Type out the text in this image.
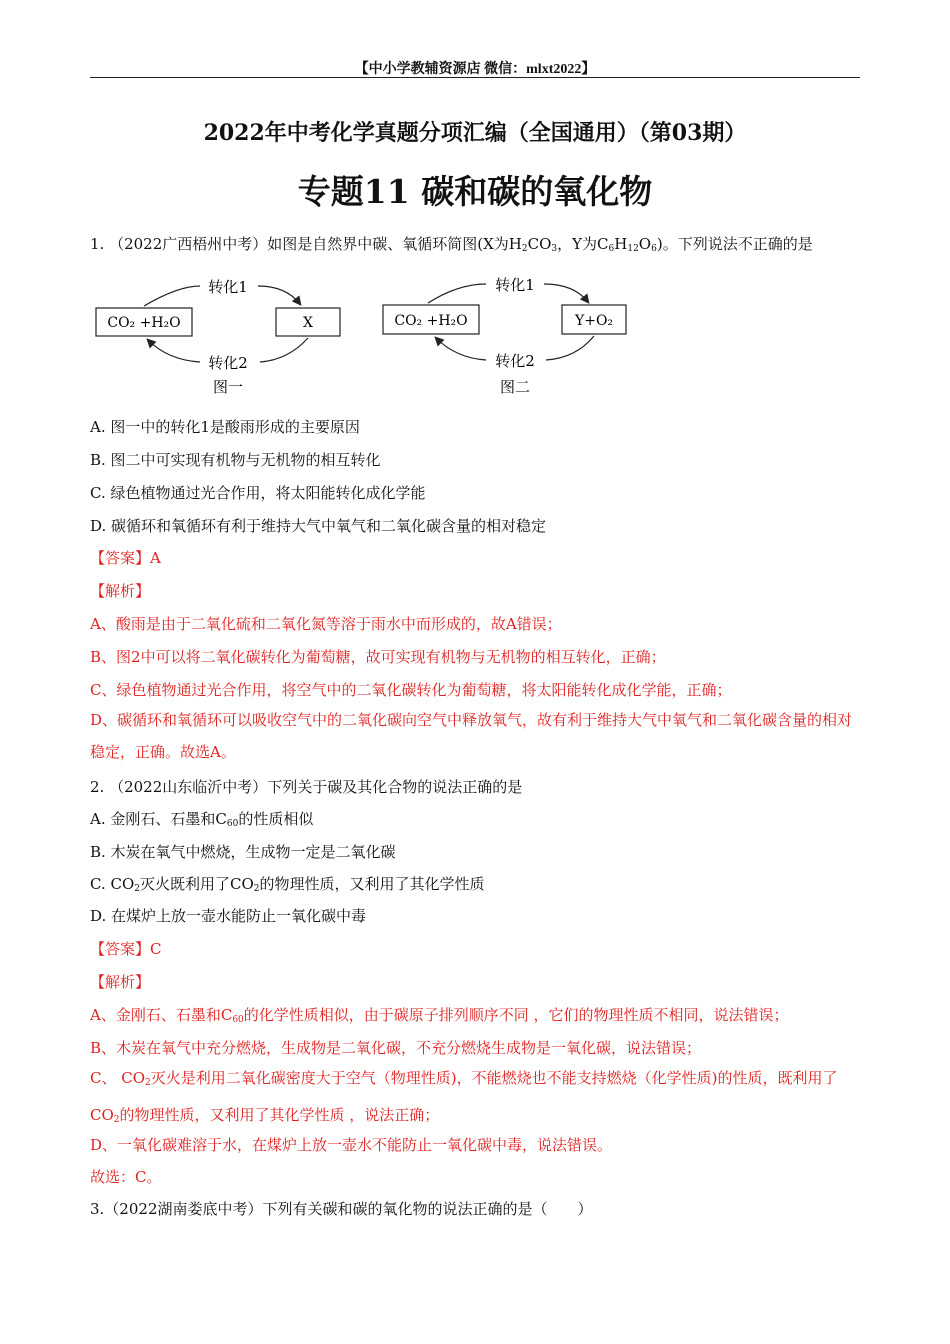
【中小学教辅资源店 微信：mlxt2022】
2022年中考化学真题分项汇编（全国通用）（第03期）
专题11 碳和碳的氧化物
1. （2022广西梧州中考）如图是自然界中碳、氧循环简图(X为$H_2CO_3$，Y为$C_6H_{12}O_6$)。下列说法不正确的是
CO₂ +H₂O	X
转化1
转化2
图一
CO₂ +H₂O	Y+O₂
转化1
转化2
图二
A. 图一中的转化1是酸雨形成的主要原因
B. 图二中可实现有机物与无机物的相互转化
C. 绿色植物通过光合作用，将太阳能转化成化学能
D. 碳循环和氧循环有利于维持大气中氧气和二氧化碳含量的相对稳定
【答案】A
【解析】
A、酸雨是由于二氧化硫和二氧化氮等溶于雨水中而形成的，故A错误；
B、图2中可以将二氧化碳转化为葡萄糖，故可实现有机物与无机物的相互转化，正确；
C、绿色植物通过光合作用，将空气中的二氧化碳转化为葡萄糖，将太阳能转化成化学能，正确；
D、碳循环和氧循环可以吸收空气中的二氧化碳向空气中释放氧气，故有利于维持大气中氧气和二氧化碳含量的相对稳定，正确。故选A。
2. （2022山东临沂中考）下列关于碳及其化合物的说法正确的是
A. 金刚石、石墨和$C_{60}$的性质相似
B. 木炭在氧气中燃烧，生成物一定是二氧化碳
C. $CO_2$灭火既利用了$CO_2$的物理性质，又利用了其化学性质
D. 在煤炉上放一壶水能防止一氧化碳中毒
【答案】C
【解析】
A、金刚石、石墨和$C_{60}$的化学性质相似，由于碳原子排列顺序不同 ，它们的物理性质不相同，说法错误；
B、木炭在氧气中充分燃烧，生成物是二氧化碳，不充分燃烧生成物是一氧化碳，说法错误；
C、 $CO_2$灭火是利用二氧化碳密度大于空气（物理性质)，不能燃烧也不能支持燃烧（化学性质)的性质，既利用了$CO_2$的物理性质，又利用了其化学性质 ，说法正确；
D、一氧化碳难溶于水，在煤炉上放一壶水不能防止一氧化碳中毒，说法错误。
故选：C。
3.（2022湖南娄底中考）下列有关碳和碳的氧化物的说法正确的是（　　）
